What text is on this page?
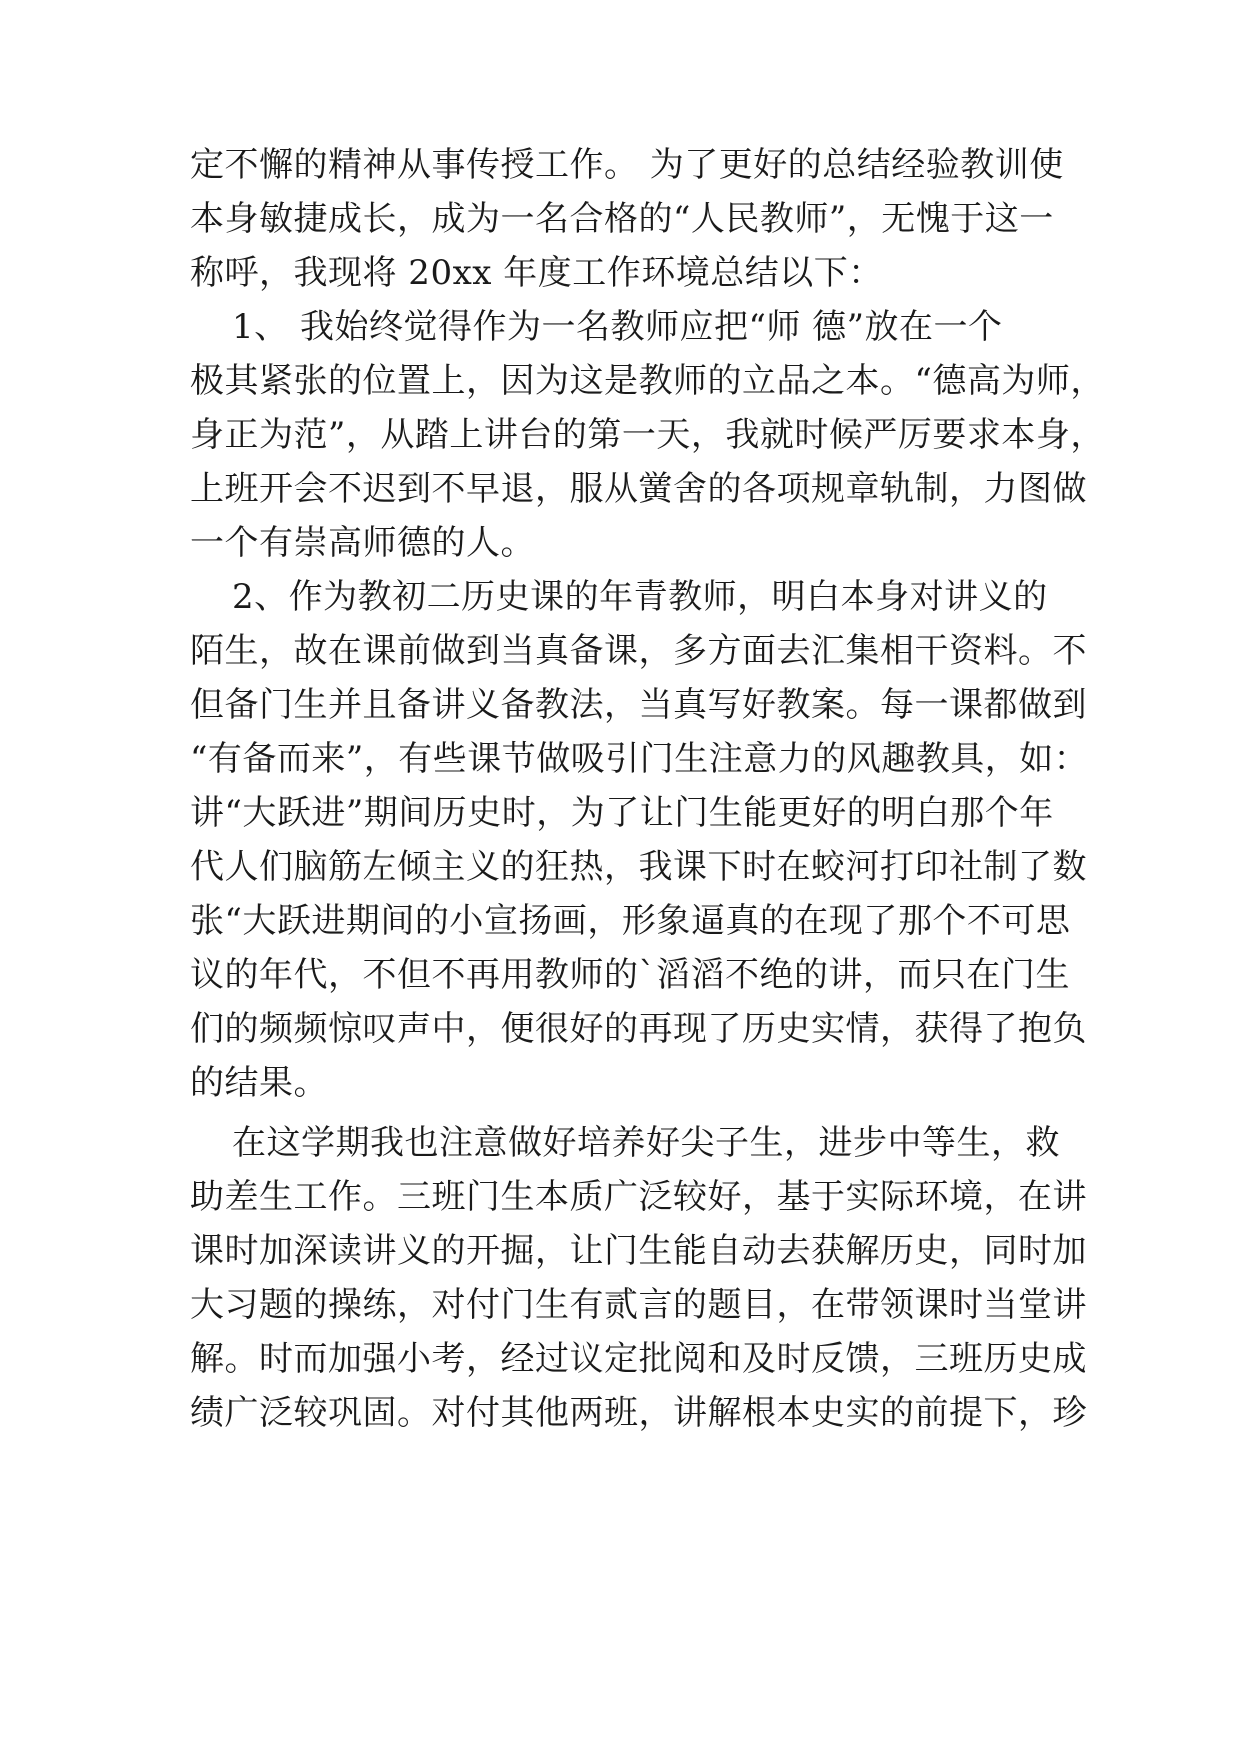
定不懈的精神从事传授工作。 为了更好的总结经验教训使
本身敏捷成长，成为一名合格的“人民教师”，无愧于这一
称呼，我现将 20xx 年度工作环境总结以下：
1、 我始终觉得作为一名教师应把“师 德”放在一个
极其紧张的位置上，因为这是教师的立品之本。“德高为师，
身正为范”，从踏上讲台的第一天，我就时候严厉要求本身，
上班开会不迟到不早退，服从黉舍的各项规章轨制，力图做
一个有崇高师德的人。
2、作为教初二历史课的年青教师，明白本身对讲义的
陌生，故在课前做到当真备课，多方面去汇集相干资料。不
但备门生并且备讲义备教法，当真写好教案。每一课都做到
“有备而来”，有些课节做吸引门生注意力的风趣教具，如：
讲“大跃进”期间历史时，为了让门生能更好的明白那个年
代人们脑筋左倾主义的狂热，我课下时在蛟河打印社制了数
张“大跃进期间的小宣扬画，形象逼真的在现了那个不可思
议的年代，不但不再用教师的`滔滔不绝的讲，而只在门生
们的频频惊叹声中，便很好的再现了历史实情，获得了抱负
的结果。
在这学期我也注意做好培养好尖子生，进步中等生，救
助差生工作。三班门生本质广泛较好，基于实际环境，在讲
课时加深读讲义的开掘，让门生能自动去获解历史，同时加
大习题的操练，对付门生有贰言的题目，在带领课时当堂讲
解。时而加强小考，经过议定批阅和及时反馈，三班历史成
绩广泛较巩固。对付其他两班，讲解根本史实的前提下，珍
